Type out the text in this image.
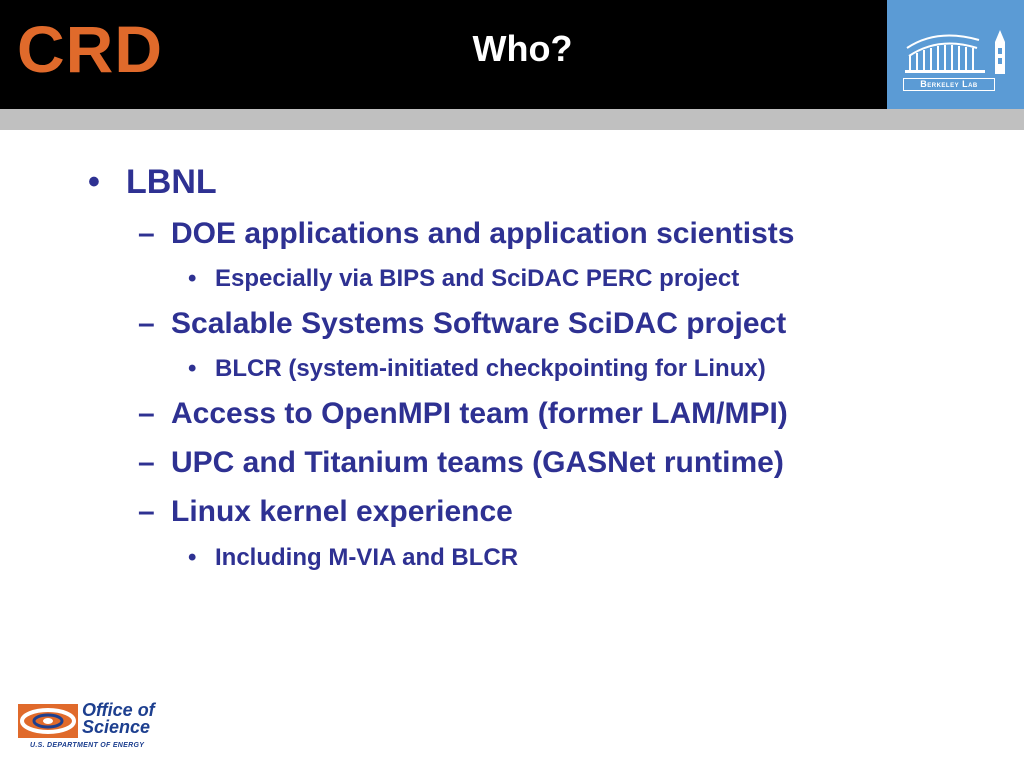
CRD	Who?
Berkeley Lab
• LBNL
– DOE applications and application scientists
• Especially via BIPS and SciDAC PERC project
– Scalable Systems Software SciDAC project
• BLCR (system-initiated checkpointing for Linux)
– Access to OpenMPI team (former LAM/MPI)
– UPC and Titanium teams (GASNet runtime)
– Linux kernel experience
• Including M-VIA and BLCR
Office of
Science
U.S. DEPARTMENT OF ENERGY
